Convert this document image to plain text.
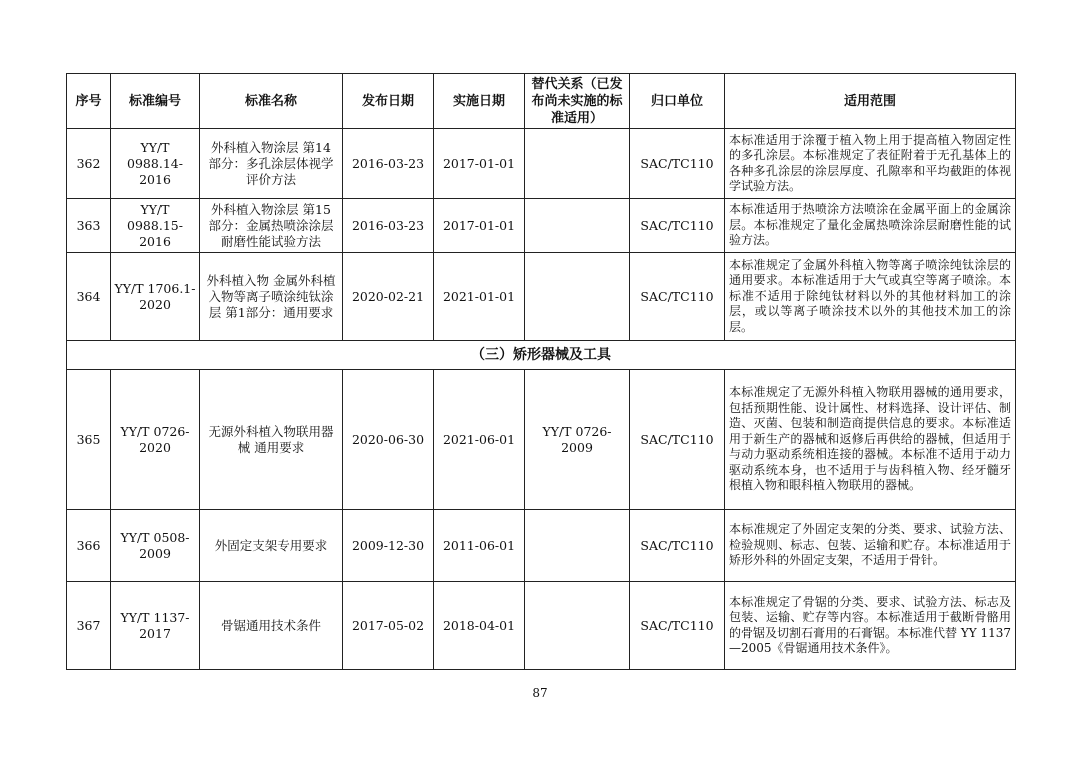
序号	标准编号	标准名称	发布日期	实施日期	替代关系（已发布尚未实施的标准适用）	归口单位	适用范围
362	YY/T 0988.14-2016	外科植入物涂层 第14部分：多孔涂层体视学评价方法	2016-03-23	2017-01-01		SAC/TC110	本标准适用于涂覆于植入物上用于提高植入物固定性的多孔涂层。本标准规定了表征附着于无孔基体上的各种多孔涂层的涂层厚度、孔隙率和平均截距的体视学试验方法。
363	YY/T 0988.15-2016	外科植入物涂层 第15部分：金属热喷涂涂层耐磨性能试验方法	2016-03-23	2017-01-01		SAC/TC110	本标准适用于热喷涂方法喷涂在金属平面上的金属涂层。本标准规定了量化金属热喷涂涂层耐磨性能的试验方法。
364	YY/T 1706.1-2020	外科植入物 金属外科植入物等离子喷涂纯钛涂层 第1部分：通用要求	2020-02-21	2021-01-01		SAC/TC110	本标准规定了金属外科植入物等离子喷涂纯钛涂层的通用要求。本标准适用于大气或真空等离子喷涂。本标准不适用于除纯钛材料以外的其他材料加工的涂层，或以等离子喷涂技术以外的其他技术加工的涂层。
（三）矫形器械及工具							
365	YY/T 0726-2020	无源外科植入物联用器械 通用要求	2020-06-30	2021-06-01	YY/T 0726-2009	SAC/TC110	本标准规定了无源外科植入物联用器械的通用要求，包括预期性能、设计属性、材料选择、设计评估、制造、灭菌、包装和制造商提供信息的要求。本标准适用于新生产的器械和返修后再供给的器械，但适用于与动力驱动系统相连接的器械。本标准不适用于动力驱动系统本身，也不适用于与齿科植入物、经牙髓牙根植入物和眼科植入物联用的器械。
366	YY/T 0508-2009	外固定支架专用要求	2009-12-30	2011-06-01		SAC/TC110	本标准规定了外固定支架的分类、要求、试验方法、检验规则、标志、包装、运输和贮存。本标准适用于矫形外科的外固定支架，不适用于骨针。
367	YY/T 1137-2017	骨锯通用技术条件	2017-05-02	2018-04-01		SAC/TC110	本标准规定了骨锯的分类、要求、试验方法、标志及包装、运输、贮存等内容。本标准适用于截断骨骼用的骨锯及切割石膏用的石膏锯。本标准代替 YY 1137—2005《骨锯通用技术条件》。
87
